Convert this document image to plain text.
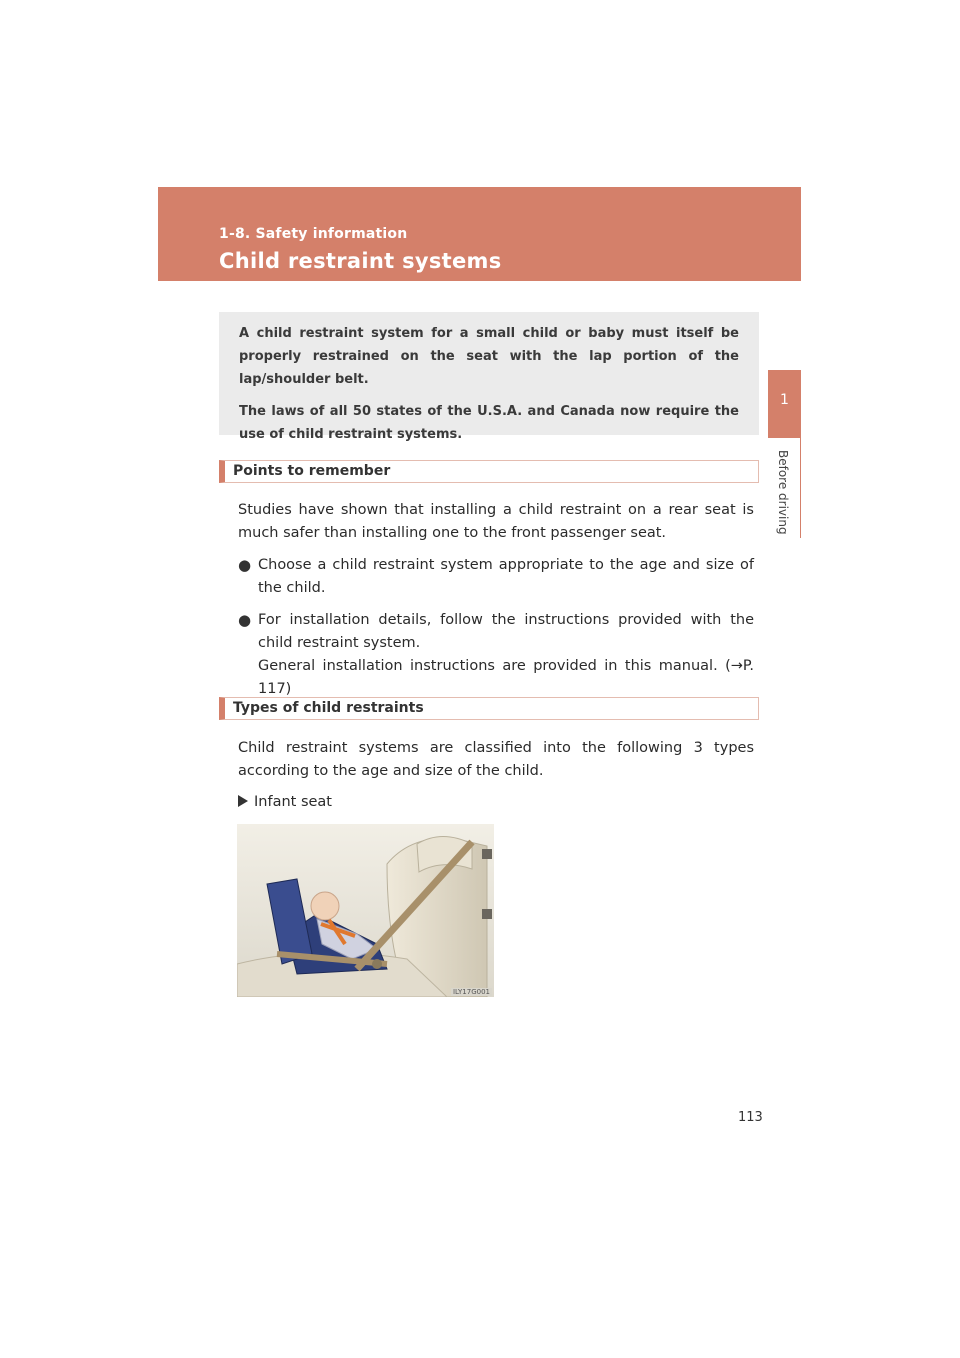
1-8. Safety information
Child restraint systems
1
Before driving

A child restraint system for a small child or baby must itself be properly restrained on the seat with the lap portion of the lap/shoulder belt.

The laws of all 50 states of the U.S.A. and Canada now require the use of child restraint systems.

Points to remember

Studies have shown that installing a child restraint on a rear seat is much safer than installing one to the front passenger seat.

● Choose a child restraint system appropriate to the age and size of the child.
● For installation details, follow the instructions provided with the child restraint system.
General installation instructions are provided in this manual. (→P. 117)
Types of child restraints

Child restraint systems are classified into the following 3 types according to the age and size of the child.

Infant seat
ILY17G001
113
